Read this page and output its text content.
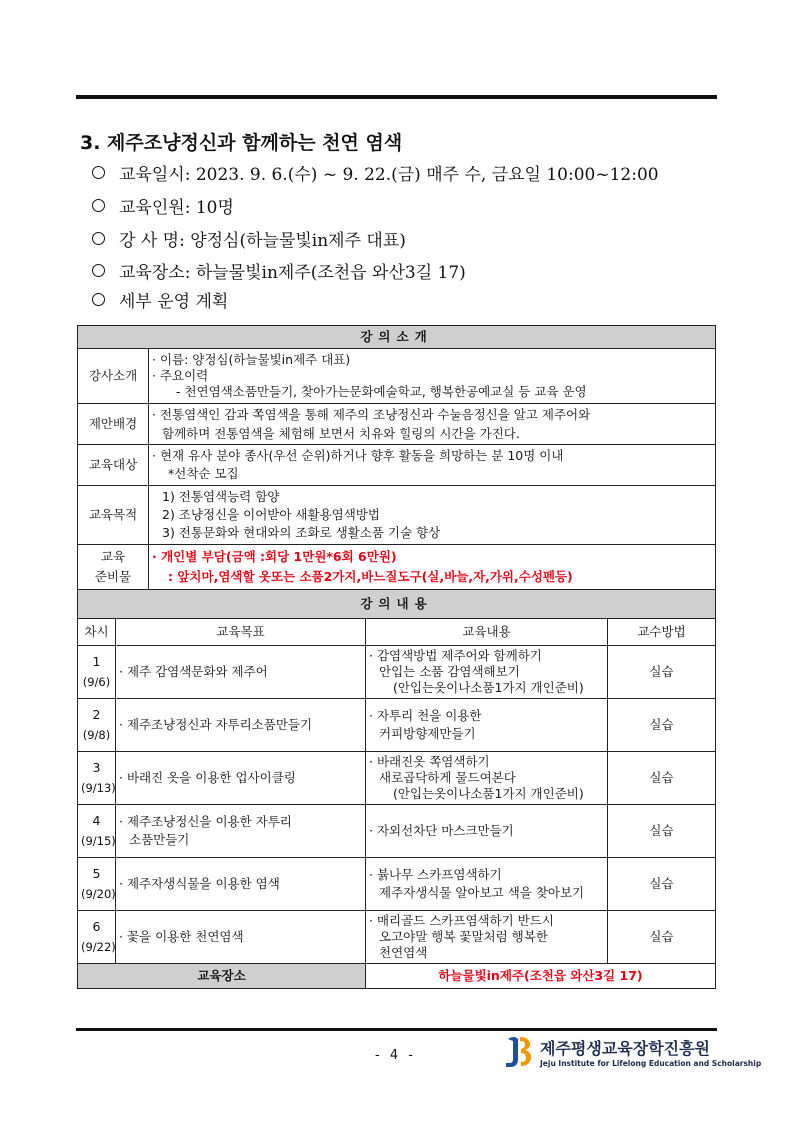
3. 제주조냥정신과 함께하는 천연 염색
교육일시: 2023. 9. 6.(수) ~ 9. 22.(금) 매주 수, 금요일 10:00~12:00
교육인원: 10명
강 사 명: 양정심(하늘물빛in제주 대표)
교육장소: 하늘물빛in제주(조천읍 와산3길 17)
세부 운영 계획
강의소개				
강사소개		· 이름: 양정심(하늘물빛in제주 대표)
· 주요이력
- 천연염색소품만들기, 찾아가는문화예술학교, 행복한공예교실 등 교육 운영		

제안배경		· 전통염색인 감과 쪽염색을 통해 제주의 조냥정신과 수눌음정신을 알고 제주어와
함께하며 전통염색을 체험해 보면서 치유와 힐링의 시간을 가진다.		

교육대상		· 현재 유사 분야 종사(우선 순위)하거나 향후 활동을 희망하는 분 10명 이내
*선착순 모집		

교육목적		1) 전통염색능력 함양
2) 조냥정신을 이어받아 새활용염색방법
3) 전통문화와 현대와의 조화로 생활소품 기술 향상		

교육
준비물		· 개인별 부담(금액 :회당 1만원*6회 6만원)
: 앞치마,염색할 옷또는 소품2가지,바느질도구(실,바늘,자,가위,수성펜등)		

강의내용				
차시	교육목표		교육내용	교수방법

1
(9/6)	· 제주 감염색문화와 제주어		· 감염색방법 제주어와 함께하기
안입는 소품 감염색해보기
(안입는옷이나소품1가지 개인준비)	실습

2
(9/8)	· 제주조냥정신과 자투리소품만들기		· 자투리 천을 이용한
커피방향제만들기	실습

3
(9/13)	· 바래진 옷을 이용한 업사이클링		· 바래진옷 쪽염색하기
새로곱닥하게 물드여본다
(안입는옷이나소품1가지 개인준비)	실습

4
(9/15)	· 제주조냥정신을 이용한 자투리
소품만들기		· 자외선차단 마스크만들기	실습

5
(9/20)	· 제주자생식물을 이용한 염색		· 뷹나무 스카프염색하기
제주자생식물 알아보고 색을 찾아보기	실습

6
(9/22)	· 꽃을 이용한 천연염색		· 매리골드 스카프염색하기 반드시
오고야말 행복 꽃말처럼 행복한
천연염색	실습
교육장소			하늘물빛in제주(조천읍 와산3길 17)	
- 4 -	제주평생교육장학진흥원
Jeju Institute for Lifelong Education and Scholarship
